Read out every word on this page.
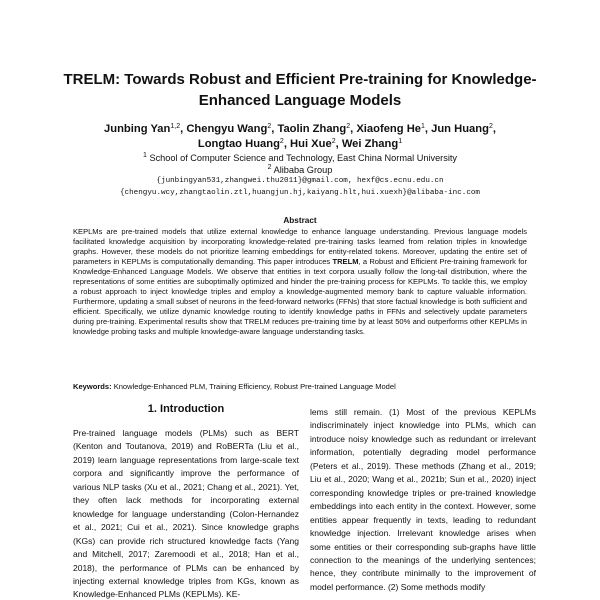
TRELM: Towards Robust and Efficient Pre-training for Knowledge-Enhanced Language Models
Junbing Yan$^{1,2}$, Chengyu Wang$^2$, Taolin Zhang$^2$, Xiaofeng He$^1$, Jun Huang$^2$,
Longtao Huang$^2$, Hui Xue$^2$, Wei Zhang$^1$
$^1$ School of Computer Science and Technology, East China Normal University
$^2$ Alibaba Group
{junbingyan531,zhangwei.thu2011}@gmail.com, hexf@cs.ecnu.edu.cn
{chengyu.wcy,zhangtaolin.ztl,huangjun.hj,kaiyang.hlt,hui.xuexh}@alibaba-inc.com
Abstract
KEPLMs are pre-trained models that utilize external knowledge to enhance language understanding. Previous language models facilitated knowledge acquisition by incorporating knowledge-related pre-training tasks learned from relation triples in knowledge graphs. However, these models do not prioritize learning embeddings for entity-related tokens. Moreover, updating the entire set of parameters in KEPLMs is computationally demanding. This paper introduces TRELM, a Robust and Efficient Pre-training framework for Knowledge-Enhanced Language Models. We observe that entities in text corpora usually follow the long-tail distribution, where the representations of some entities are suboptimally optimized and hinder the pre-training process for KEPLMs. To tackle this, we employ a robust approach to inject knowledge triples and employ a knowledge-augmented memory bank to capture valuable information. Furthermore, updating a small subset of neurons in the feed-forward networks (FFNs) that store factual knowledge is both sufficient and efficient. Specifically, we utilize dynamic knowledge routing to identify knowledge paths in FFNs and selectively update parameters during pre-training. Experimental results show that TRELM reduces pre-training time by at least 50% and outperforms other KEPLMs in knowledge probing tasks and multiple knowledge-aware language understanding tasks.
Keywords: Knowledge-Enhanced PLM, Training Efficiency, Robust Pre-trained Language Model
1. Introduction
Pre-trained language models (PLMs) such as BERT (Kenton and Toutanova, 2019) and RoBERTa (Liu et al., 2019) learn language representations from large-scale text corpora and significantly improve the performance of various NLP tasks (Xu et al., 2021; Chang et al., 2021). Yet, they often lack methods for incorporating external knowledge for language understanding (Colon-Hernandez et al., 2021; Cui et al., 2021). Since knowledge graphs (KGs) can provide rich structured knowledge facts (Yang and Mitchell, 2017; Zaremoodi et al., 2018; Han et al., 2018), the performance of PLMs can be enhanced by injecting external knowledge triples from KGs, known as Knowledge-Enhanced PLMs (KEPLMs). KE-
lems still remain. (1) Most of the previous KEPLMs indiscriminately inject knowledge into PLMs, which can introduce noisy knowledge such as redundant or irrelevant information, potentially degrading model performance (Peters et al., 2019). These methods (Zhang et al., 2019; Liu et al., 2020; Wang et al., 2021b; Sun et al., 2020) inject corresponding knowledge triples or pre-trained knowledge embeddings into each entity in the context. However, some entities appear frequently in texts, leading to redundant knowledge injection. Irrelevant knowledge arises when some entities or their corresponding sub-graphs have little connection to the meanings of the underlying sentences; hence, they contribute minimally to the improvement of model performance. (2) Some methods modify
